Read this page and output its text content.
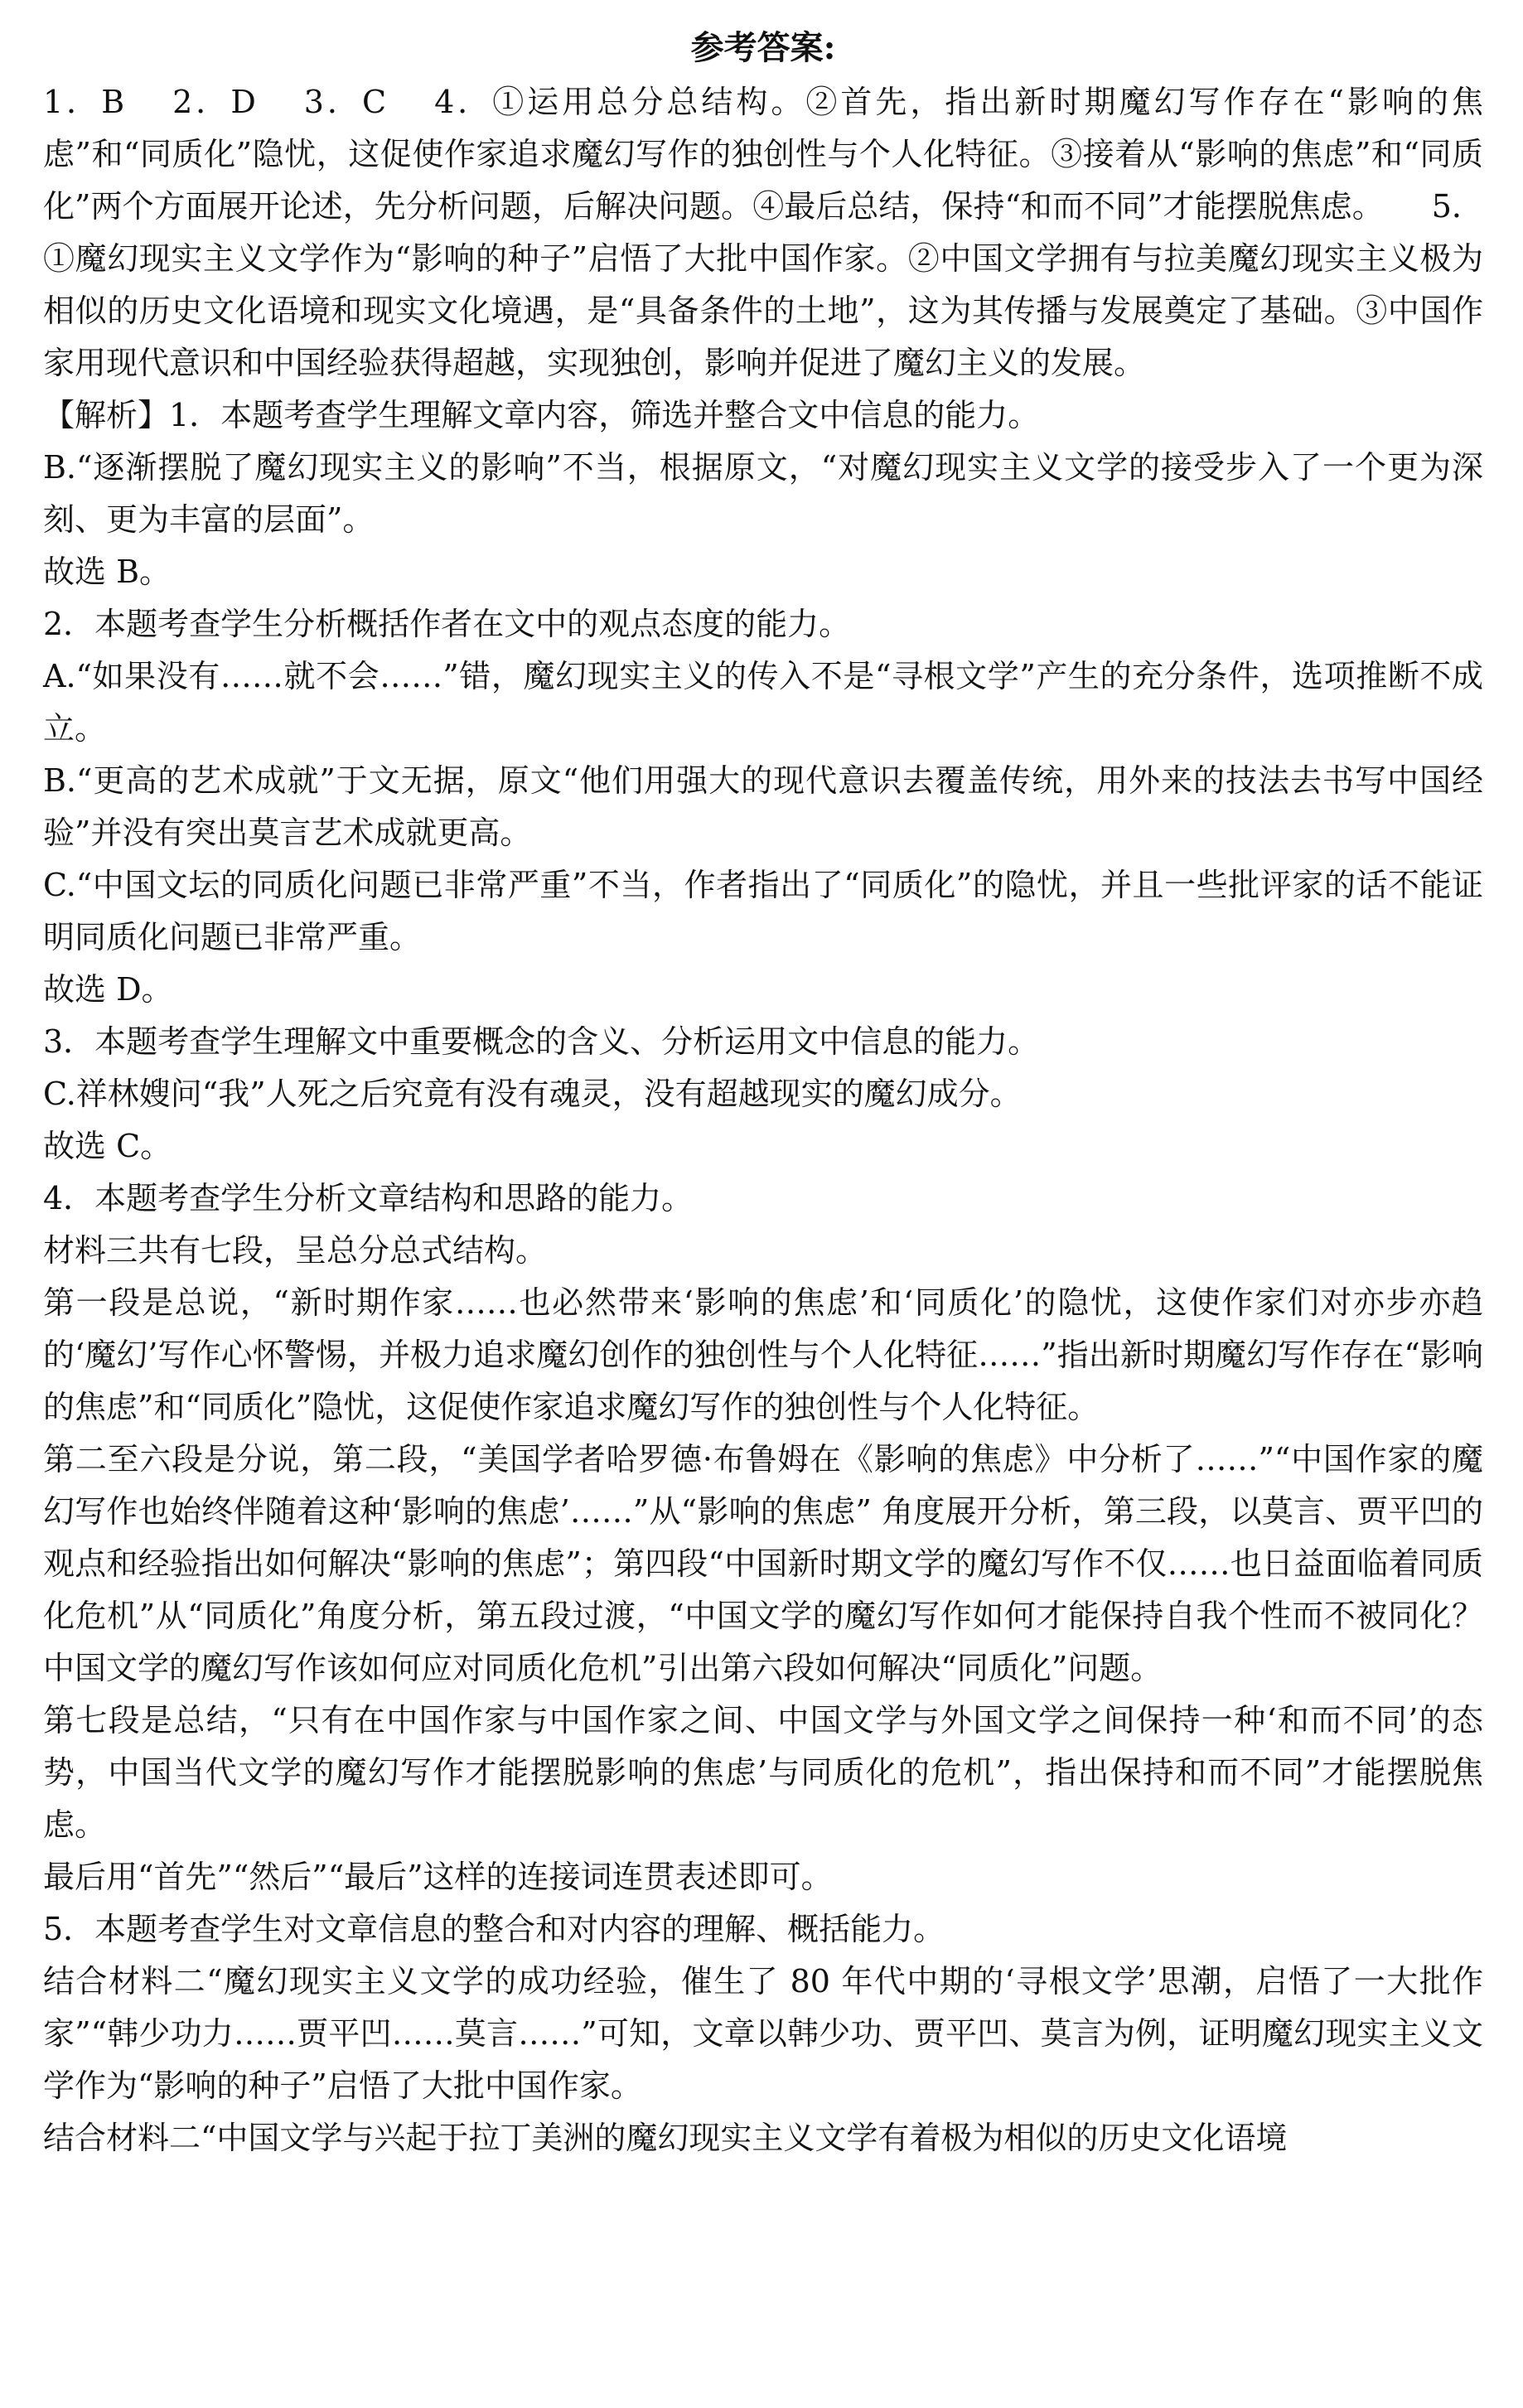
参考答案:

1．B 2．D 3．C 4．①运用总分总结构。②首先，指出新时期魔幻写作存在“影响的焦虑”和“同质化”隐忧，这促使作家追求魔幻写作的独创性与个人化特征。③接着从“影响的焦虑”和“同质化”两个方面展开论述，先分析问题，后解决问题。④最后总结，保持“和而不同”才能摆脱焦虑。 5．①魔幻现实主义文学作为“影响的种子”启悟了大批中国作家。②中国文学拥有与拉美魔幻现实主义极为相似的历史文化语境和现实文化境遇，是“具备条件的土地”，这为其传播与发展奠定了基础。③中国作家用现代意识和中国经验获得超越，实现独创，影响并促进了魔幻主义的发展。

【解析】1．本题考查学生理解文章内容，筛选并整合文中信息的能力。

B.“逐渐摆脱了魔幻现实主义的影响”不当，根据原文，“对魔幻现实主义文学的接受步入了一个更为深刻、更为丰富的层面”。

故选 B。

2．本题考查学生分析概括作者在文中的观点态度的能力。

A.“如果没有……就不会……”错，魔幻现实主义的传入不是“寻根文学”产生的充分条件，选项推断不成立。

B.“更高的艺术成就”于文无据，原文“他们用强大的现代意识去覆盖传统，用外来的技法去书写中国经验”并没有突出莫言艺术成就更高。

C.“中国文坛的同质化问题已非常严重”不当，作者指出了“同质化”的隐忧，并且一些批评家的话不能证明同质化问题已非常严重。

故选 D。

3．本题考查学生理解文中重要概念的含义、分析运用文中信息的能力。

C.祥林嫂问“我”人死之后究竟有没有魂灵，没有超越现实的魔幻成分。

故选 C。

4．本题考查学生分析文章结构和思路的能力。

材料三共有七段，呈总分总式结构。

第一段是总说，“新时期作家……也必然带来‘影响的焦虑’和‘同质化’的隐忧，这使作家们对亦步亦趋的‘魔幻’写作心怀警惕，并极力追求魔幻创作的独创性与个人化特征……”指出新时期魔幻写作存在“影响的焦虑”和“同质化”隐忧，这促使作家追求魔幻写作的独创性与个人化特征。

第二至六段是分说，第二段，“美国学者哈罗德·布鲁姆在《影响的焦虑》中分析了……”“中国作家的魔幻写作也始终伴随着这种‘影响的焦虑’……”从“影响的焦虑” 角度展开分析，第三段，以莫言、贾平凹的观点和经验指出如何解决“影响的焦虑”；第四段“中国新时期文学的魔幻写作不仅……也日益面临着同质化危机”从“同质化”角度分析，第五段过渡，“中国文学的魔幻写作如何才能保持自我个性而不被同化？中国文学的魔幻写作该如何应对同质化危机”引出第六段如何解决“同质化”问题。

第七段是总结，“只有在中国作家与中国作家之间、中国文学与外国文学之间保持一种‘和而不同’的态势，中国当代文学的魔幻写作才能摆脱影响的焦虑’与同质化的危机”，指出保持和而不同”才能摆脱焦虑。

最后用“首先”“然后”“最后”这样的连接词连贯表述即可。

5．本题考查学生对文章信息的整合和对内容的理解、概括能力。

结合材料二“魔幻现实主义文学的成功经验，催生了 80 年代中期的‘寻根文学’思潮，启悟了一大批作家”“韩少功力……贾平凹……莫言……”可知，文章以韩少功、贾平凹、莫言为例，证明魔幻现实主义文学作为“影响的种子”启悟了大批中国作家。

结合材料二“中国文学与兴起于拉丁美洲的魔幻现实主义文学有着极为相似的历史文化语境
